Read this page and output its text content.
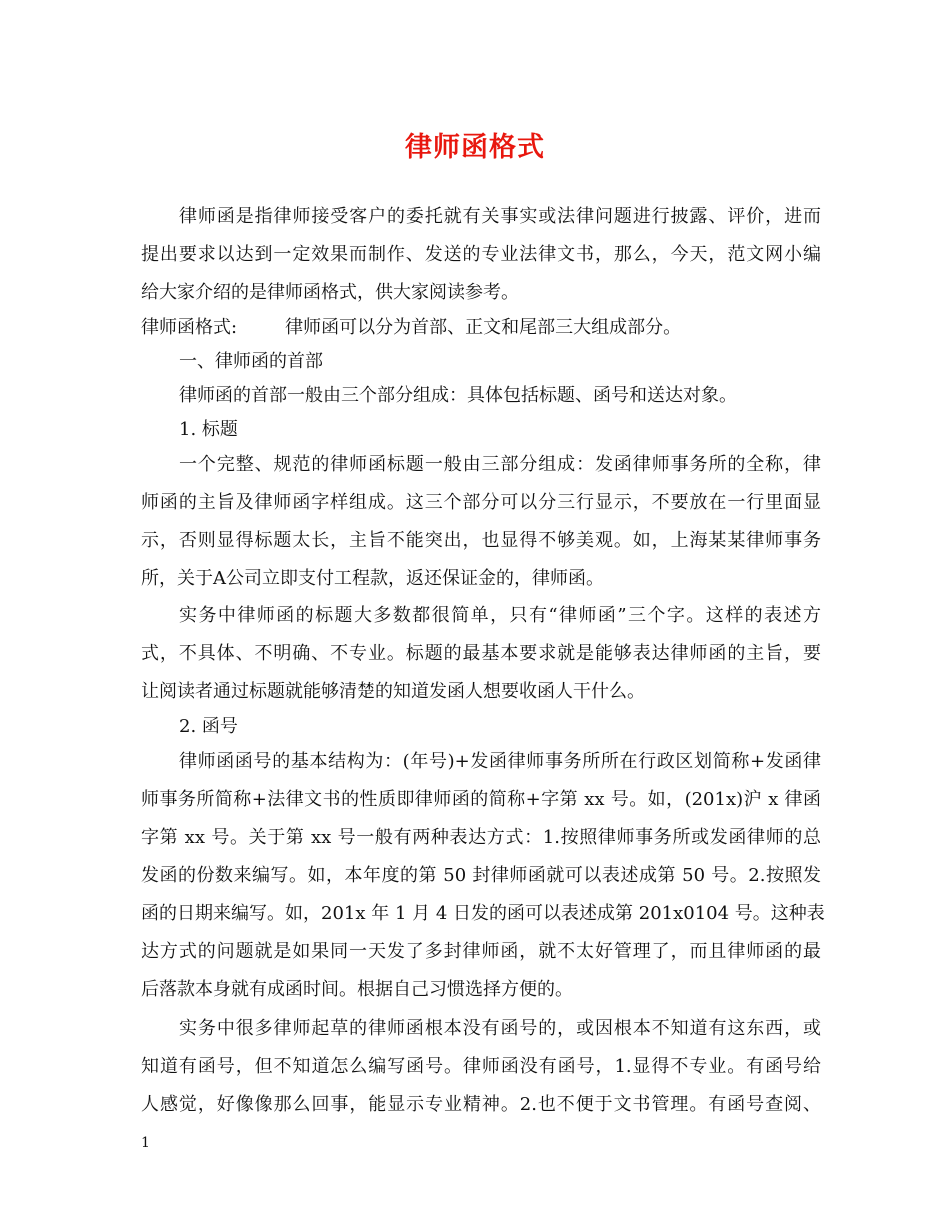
律师函格式
律师函是指律师接受客户的委托就有关事实或法律问题进行披露、评价，进而
提出要求以达到一定效果而制作、发送的专业法律文书，那么，今天，范文网小编
给大家介绍的是律师函格式，供大家阅读参考。
律师函格式:	律师函可以分为首部、正文和尾部三大组成部分。
一、律师函的首部
律师函的首部一般由三个部分组成：具体包括标题、函号和送达对象。
1. 标题
一个完整、规范的律师函标题一般由三部分组成：发函律师事务所的全称，律
师函的主旨及律师函字样组成。这三个部分可以分三行显示，不要放在一行里面显
示，否则显得标题太长，主旨不能突出，也显得不够美观。如，上海某某律师事务
所，关于A公司立即支付工程款，返还保证金的，律师函。
实务中律师函的标题大多数都很简单，只有“律师函”三个字。这样的表述方
式，不具体、不明确、不专业。标题的最基本要求就是能够表达律师函的主旨，要
让阅读者通过标题就能够清楚的知道发函人想要收函人干什么。
2. 函号
律师函函号的基本结构为：(年号)+发函律师事务所所在行政区划简称+发函律
师事务所简称+法律文书的性质即律师函的简称+字第 xx 号。如，(201x)沪 x 律函
字第 xx 号。关于第 xx 号一般有两种表达方式：1.按照律师事务所或发函律师的总
发函的份数来编写。如，本年度的第 50 封律师函就可以表述成第 50 号。2.按照发
函的日期来编写。如，201x 年 1 月 4 日发的函可以表述成第 201x0104 号。这种表
达方式的问题就是如果同一天发了多封律师函，就不太好管理了，而且律师函的最
后落款本身就有成函时间。根据自己习惯选择方便的。
实务中很多律师起草的律师函根本没有函号的，或因根本不知道有这东西，或
知道有函号，但不知道怎么编写函号。律师函没有函号，1.显得不专业。有函号给
人感觉，好像像那么回事，能显示专业精神。2.也不便于文书管理。有函号查阅、
1
